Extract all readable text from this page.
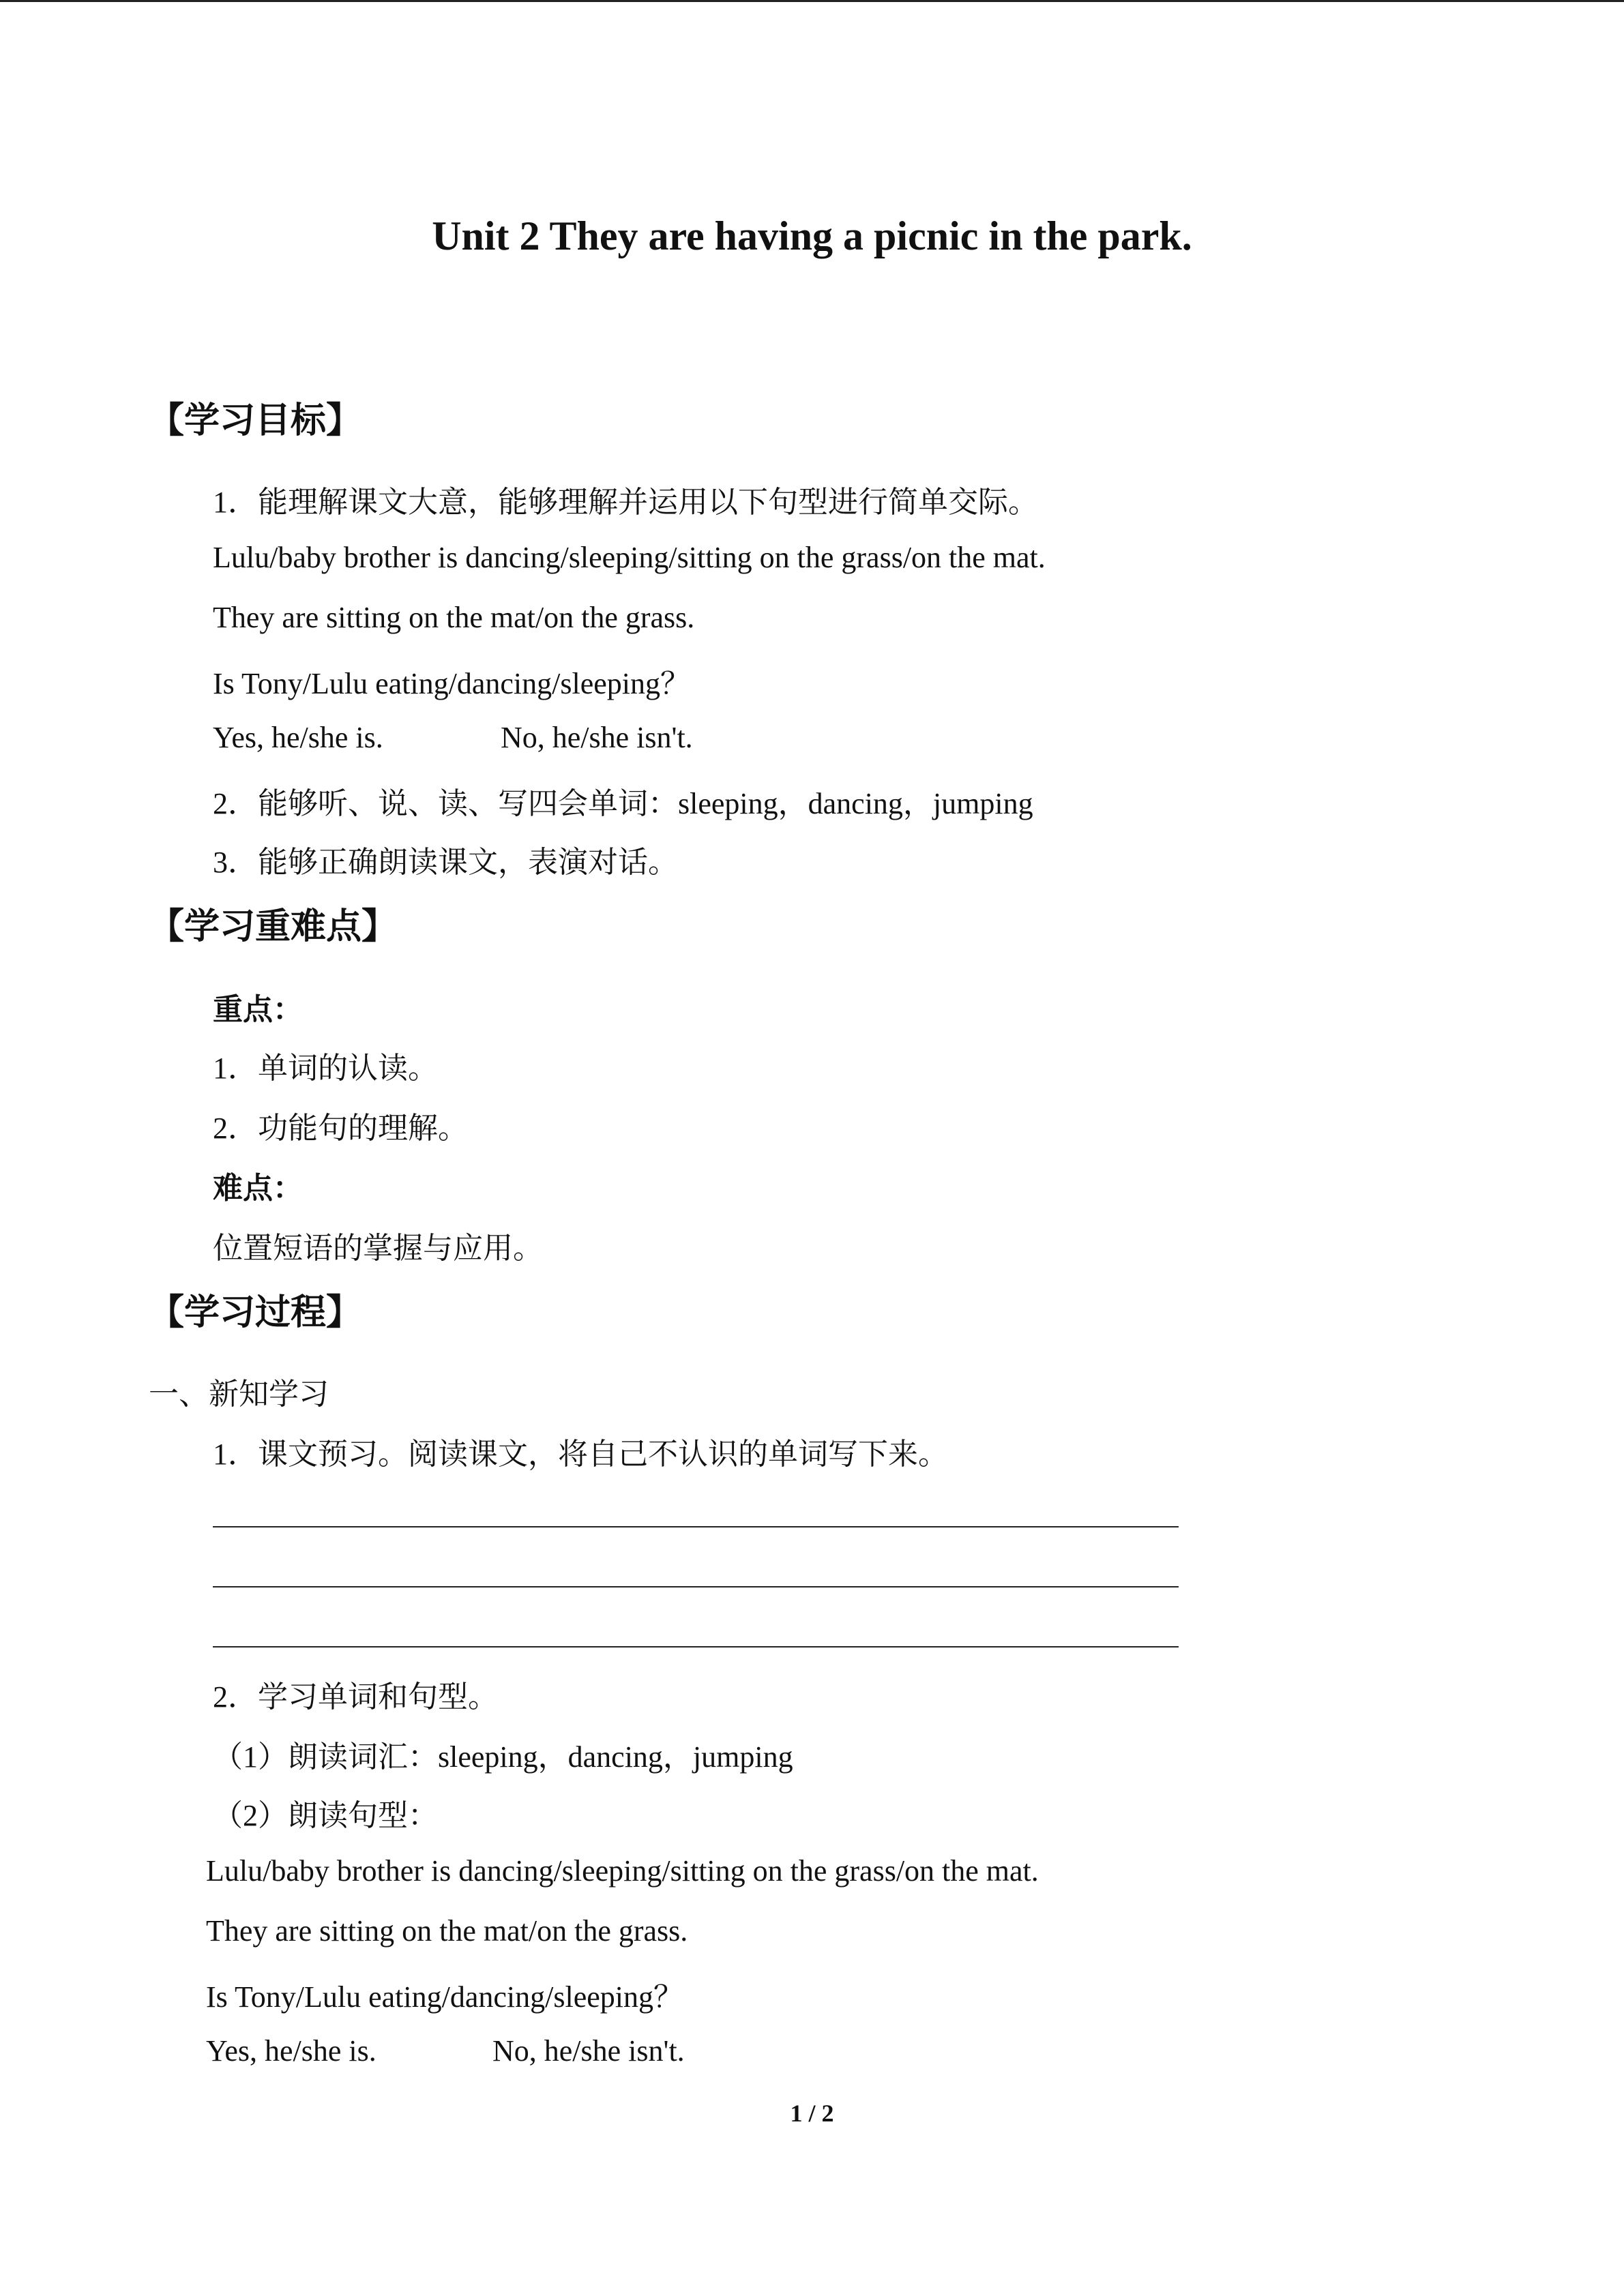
Unit 2 They are having a picnic in the park.
【学习目标】
1．能理解课文大意，能够理解并运用以下句型进行简单交际。
Lulu/baby brother is dancing/sleeping/sitting on the grass/on the mat.
They are sitting on the mat/on the grass.
Is Tony/Lulu eating/dancing/sleeping？
Yes, he/she is.	No, he/she isn't.
2．能够听、说、读、写四会单词：sleeping，dancing，jumping
3．能够正确朗读课文，表演对话。
【学习重难点】
重点：
1．单词的认读。
2．功能句的理解。
难点：
位置短语的掌握与应用。
【学习过程】
一、新知学习
1．课文预习。阅读课文，将自己不认识的单词写下来。
2．学习单词和句型。
（1）朗读词汇：sleeping，dancing，jumping
（2）朗读句型：
Lulu/baby brother is dancing/sleeping/sitting on the grass/on the mat.
They are sitting on the mat/on the grass.
Is Tony/Lulu eating/dancing/sleeping？
Yes, he/she is.	No, he/she isn't.
1 / 2
